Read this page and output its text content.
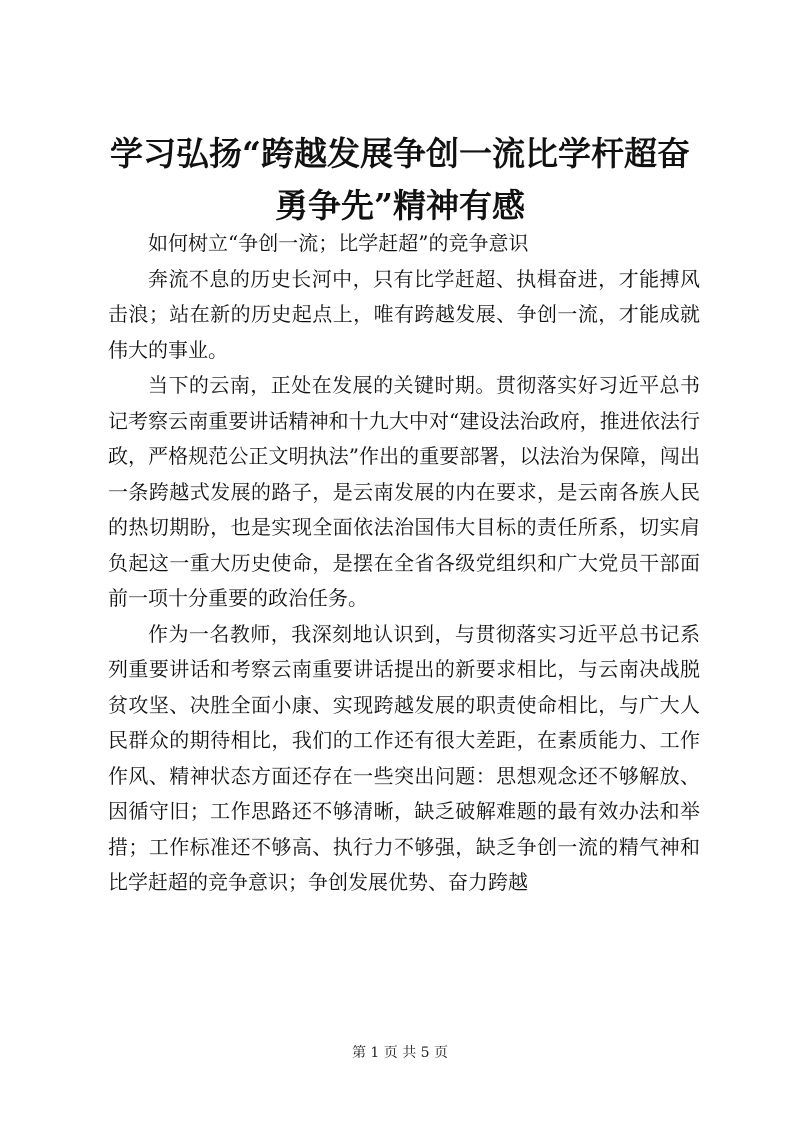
学习弘扬“跨越发展争创一流比学杆超奋勇争先”精神有感

如何树立“争创一流；比学赶超”的竞争意识

奔流不息的历史长河中，只有比学赶超、执楫奋进，才能搏风击浪；站在新的历史起点上，唯有跨越发展、争创一流，才能成就伟大的事业。

当下的云南，正处在发展的关键时期。贯彻落实好习近平总书记考察云南重要讲话精神和十九大中对“建设法治政府，推进依法行政，严格规范公正文明执法”作出的重要部署，以法治为保障，闯出一条跨越式发展的路子，是云南发展的内在要求，是云南各族人民的热切期盼，也是实现全面依法治国伟大目标的责任所系，切实肩负起这一重大历史使命，是摆在全省各级党组织和广大党员干部面前一项十分重要的政治任务。

作为一名教师，我深刻地认识到，与贯彻落实习近平总书记系列重要讲话和考察云南重要讲话提出的新要求相比，与云南决战脱贫攻坚、决胜全面小康、实现跨越发展的职责使命相比，与广大人民群众的期待相比，我们的工作还有很大差距，在素质能力、工作作风、精神状态方面还存在一些突出问题：思想观念还不够解放、因循守旧；工作思路还不够清晰，缺乏破解难题的最有效办法和举措；工作标准还不够高、执行力不够强，缺乏争创一流的精气神和比学赶超的竞争意识；争创发展优势、奋力跨越

第 1 页 共 5 页
